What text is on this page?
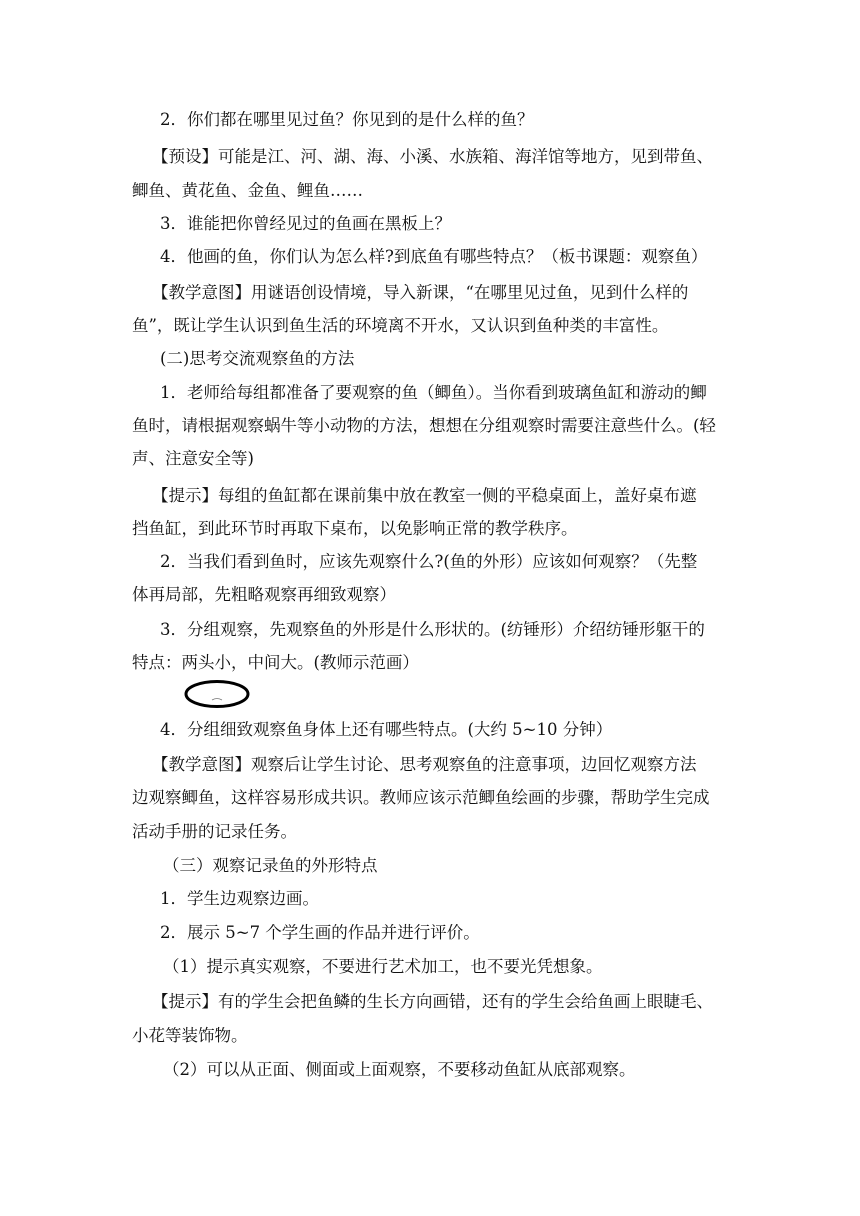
2．你们都在哪里见过鱼？你见到的是什么样的鱼？
【预设】可能是江、河、湖、海、小溪、水族箱、海洋馆等地方，见到带鱼、
鲫鱼、黄花鱼、金鱼、鲤鱼……
3．谁能把你曾经见过的鱼画在黑板上？
4．他画的鱼，你们认为怎么样?到底鱼有哪些特点？（板书课题：观察鱼）
【教学意图】用谜语创设情境，导入新课，“在哪里见过鱼，见到什么样的
鱼”，既让学生认识到鱼生活的环境离不开水，又认识到鱼种类的丰富性。
(二)思考交流观察鱼的方法
1．老师给每组都准备了要观察的鱼（鲫鱼）。当你看到玻璃鱼缸和游动的鲫
鱼时，请根据观察蜗牛等小动物的方法，想想在分组观察时需要注意些什么。(轻
声、注意安全等)
【提示】每组的鱼缸都在课前集中放在教室一侧的平稳桌面上，盖好桌布遮
挡鱼缸，到此环节时再取下桌布，以免影响正常的教学秩序。
2．当我们看到鱼时，应该先观察什么?(鱼的外形）应该如何观察？（先整
体再局部，先粗略观察再细致观察）
3．分组观察，先观察鱼的外形是什么形状的。(纺锤形）介绍纺锤形躯干的
特点：两头小，中间大。(教师示范画）
4．分组细致观察鱼身体上还有哪些特点。(大约 5~10 分钟）
【教学意图】观察后让学生讨论、思考观察鱼的注意事项，边回忆观察方法
边观察鲫鱼，这样容易形成共识。教师应该示范鲫鱼绘画的步骤，帮助学生完成
活动手册的记录任务。
（三）观察记录鱼的外形特点
1．学生边观察边画。
2．展示 5~7 个学生画的作品并进行评价。
（1）提示真实观察，不要进行艺术加工，也不要光凭想象。
【提示】有的学生会把鱼鳞的生长方向画错，还有的学生会给鱼画上眼睫毛、
小花等装饰物。
（2）可以从正面、侧面或上面观察，不要移动鱼缸从底部观察。
